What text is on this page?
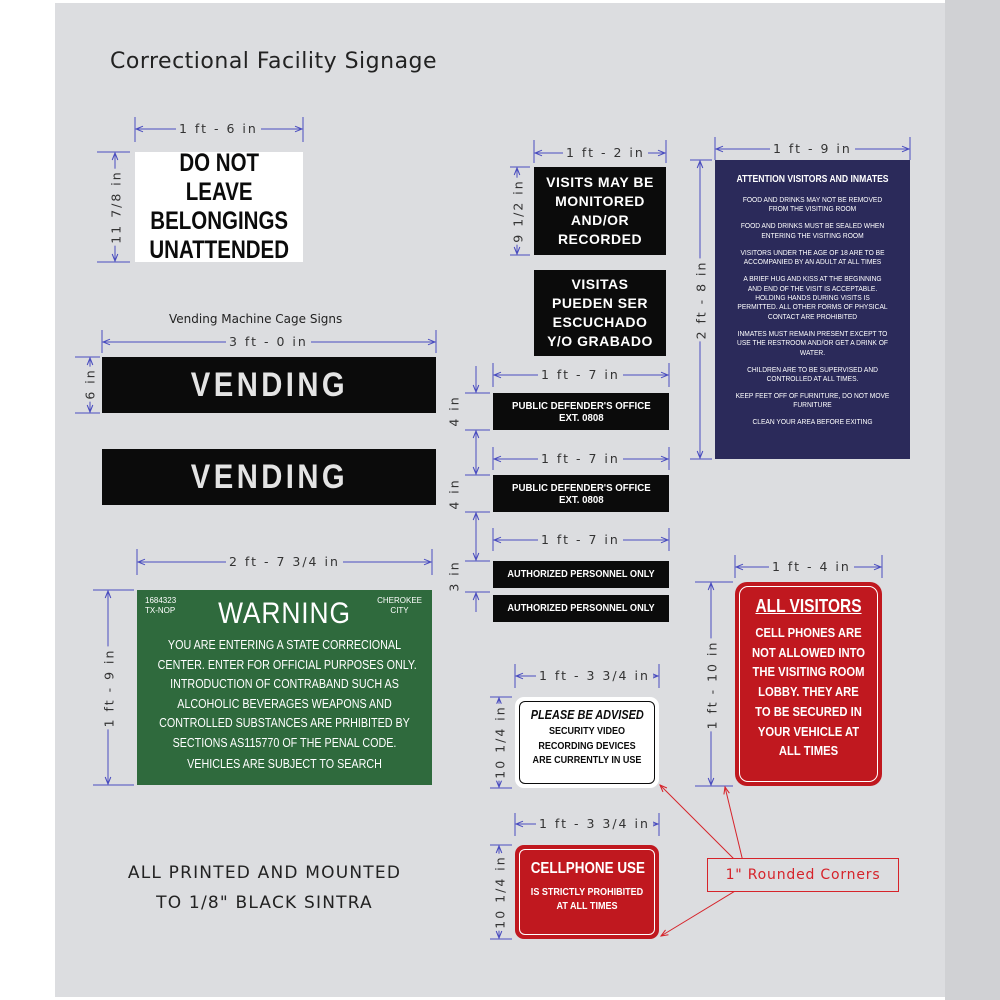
Correctional Facility Signage
DO NOT LEAVE
BELONGINGS
UNATTENDED
1 ft - 6 in
11 7/8 in	VISITS MAY BE
MONITORED
AND/OR
RECORDED
1 ft - 2 in
9 1/2 in
VISITAS
PUEDEN SER
ESCUCHADO
Y/O GRABADO
ATTENTION VISITORS AND INMATES
FOOD AND DRINKS MAY NOT BE REMOVED
FROM THE VISITING ROOM
FOOD AND DRINKS MUST BE SEALED WHEN
ENTERING THE VISITING ROOM
VISITORS UNDER THE AGE OF 18 ARE TO BE
ACCOMPANIED BY AN ADULT AT ALL TIMES
A BRIEF HUG AND KISS AT THE BEGINNING
AND END OF THE VISIT IS ACCEPTABLE.
HOLDING HANDS DURING VISITS IS
PERMITTED. ALL OTHER FORMS OF PHYSICAL
CONTACT ARE PROHIBITED
INMATES MUST REMAIN PRESENT EXCEPT TO
USE THE RESTROOM AND/OR GET A DRINK OF
WATER.
CHILDREN ARE TO BE SUPERVISED AND
CONTROLLED AT ALL TIMES.
KEEP FEET OFF OF FURNITURE, DO NOT MOVE
FURNITURE
CLEAN YOUR AREA BEFORE EXITING
1 ft - 9 in
2 ft - 8 in
Vending Machine Cage Signs
3 ft - 0 in
6 in	VENDING
VENDING
PUBLIC DEFENDER'S OFFICE
EXT. 0808
1 ft - 7 in
4 in
PUBLIC DEFENDER'S OFFICE
EXT. 0808
1 ft - 7 in
4 in
AUTHORIZED PERSONNEL ONLY
AUTHORIZED PERSONNEL ONLY
1 ft - 7 in
3 in
1684323
TX-NOP
CHEROKEE
CITY
WARNING
YOU ARE ENTERING A STATE CORRECIONAL
CENTER. ENTER FOR OFFICIAL PURPOSES ONLY.
INTRODUCTION OF CONTRABAND SUCH AS
ALCOHOLIC BEVERAGES WEAPONS AND
CONTROLLED SUBSTANCES ARE PRHIBITED BY
SECTIONS AS115770 OF THE PENAL CODE.
VEHICLES ARE SUBJECT TO SEARCH
2 ft - 7 3/4 in
1 ft - 9 in
ALL VISITORS
CELL PHONES ARE
NOT ALLOWED INTO
THE VISITING ROOM
LOBBY. THEY ARE
TO BE SECURED IN
YOUR VEHICLE AT
ALL TIMES
1 ft - 4 in
1 ft - 10 in
PLEASE BE ADVISED
SECURITY VIDEO
RECORDING DEVICES
ARE CURRENTLY IN USE
1 ft - 3 3/4 in
10 1/4 in
CELLPHONE USE
IS STRICTLY PROHIBITED
AT ALL TIMES
1 ft - 3 3/4 in
10 1/4 in	1" Rounded Corners
ALL PRINTED AND MOUNTED
TO 1/8" BLACK SINTRA
